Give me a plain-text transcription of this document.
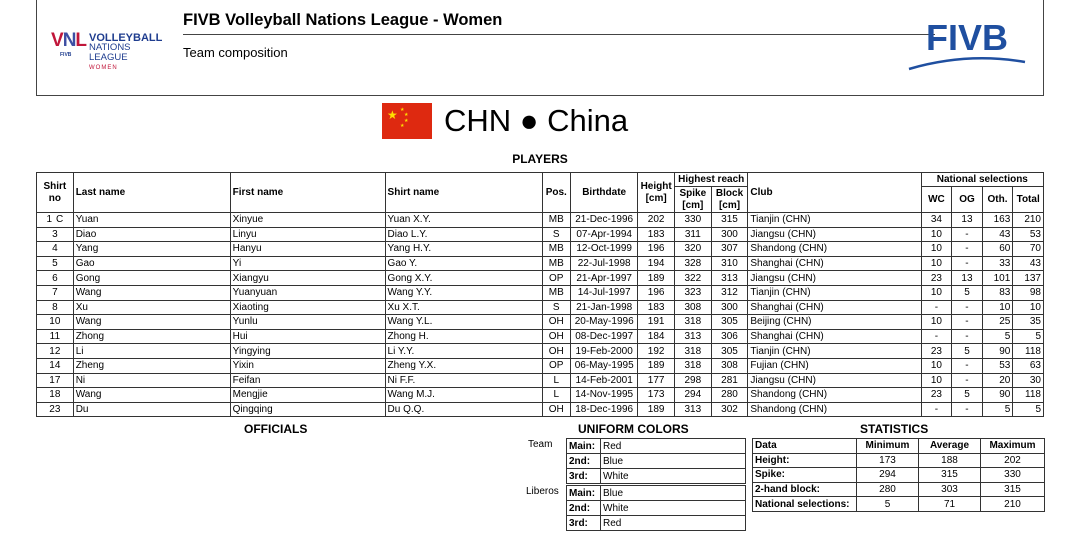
VNL
FIVB
VOLLEYBALL
NATIONS LEAGUE
WOMEN
FIVB Volleyball Nations League - Women
Team composition	FIVB
★ ★
★
★
★ CHN ● China
PLAYERS
Shirt no	Last name	First name	Shirt name	Pos.	Birthdate	Height [cm]	Highest reach		Club	National selections			
							Spike [cm]	Block [cm]		WC	OG	Oth.	Total
1 C	Yuan	Xinyue	Yuan X.Y.	MB	21-Dec-1996	202	330	315	Tianjin (CHN)	34	13	163	210
3	Diao	Linyu	Diao L.Y.	S	07-Apr-1994	183	311	300	Jiangsu (CHN)	10	-	43	53
4	Yang	Hanyu	Yang H.Y.	MB	12-Oct-1999	196	320	307	Shandong (CHN)	10	-	60	70
5	Gao	Yi	Gao Y.	MB	22-Jul-1998	194	328	310	Shanghai (CHN)	10	-	33	43
6	Gong	Xiangyu	Gong X.Y.	OP	21-Apr-1997	189	322	313	Jiangsu (CHN)	23	13	101	137
7	Wang	Yuanyuan	Wang Y.Y.	MB	14-Jul-1997	196	323	312	Tianjin (CHN)	10	5	83	98
8	Xu	Xiaoting	Xu X.T.	S	21-Jan-1998	183	308	300	Shanghai (CHN)	-	-	10	10
10	Wang	Yunlu	Wang Y.L.	OH	20-May-1996	191	318	305	Beijing (CHN)	10	-	25	35
11	Zhong	Hui	Zhong H.	OH	08-Dec-1997	184	313	306	Shanghai (CHN)	-	-	5	5
12	Li	Yingying	Li Y.Y.	OH	19-Feb-2000	192	318	305	Tianjin (CHN)	23	5	90	118
14	Zheng	Yixin	Zheng Y.X.	OP	06-May-1995	189	318	308	Fujian (CHN)	10	-	53	63
17	Ni	Feifan	Ni F.F.	L	14-Feb-2001	177	298	281	Jiangsu (CHN)	10	-	20	30
18	Wang	Mengjie	Wang M.J.	L	14-Nov-1995	173	294	280	Shandong (CHN)	23	5	90	118
23	Du	Qingqing	Du Q.Q.	OH	18-Dec-1996	189	313	302	Shandong (CHN)	-	-	5	5
OFFICIALS	UNIFORM COLORS
Team Main:	Red
2nd:	Blue
3rd:	White
Liberos Main:	Blue
2nd:	White
3rd:	Red
STATISTICS
Data	Minimum	Average	Maximum
Height:	173	188	202
Spike:	294	315	330
2-hand block:	280	303	315
National selections:	5	71	210
